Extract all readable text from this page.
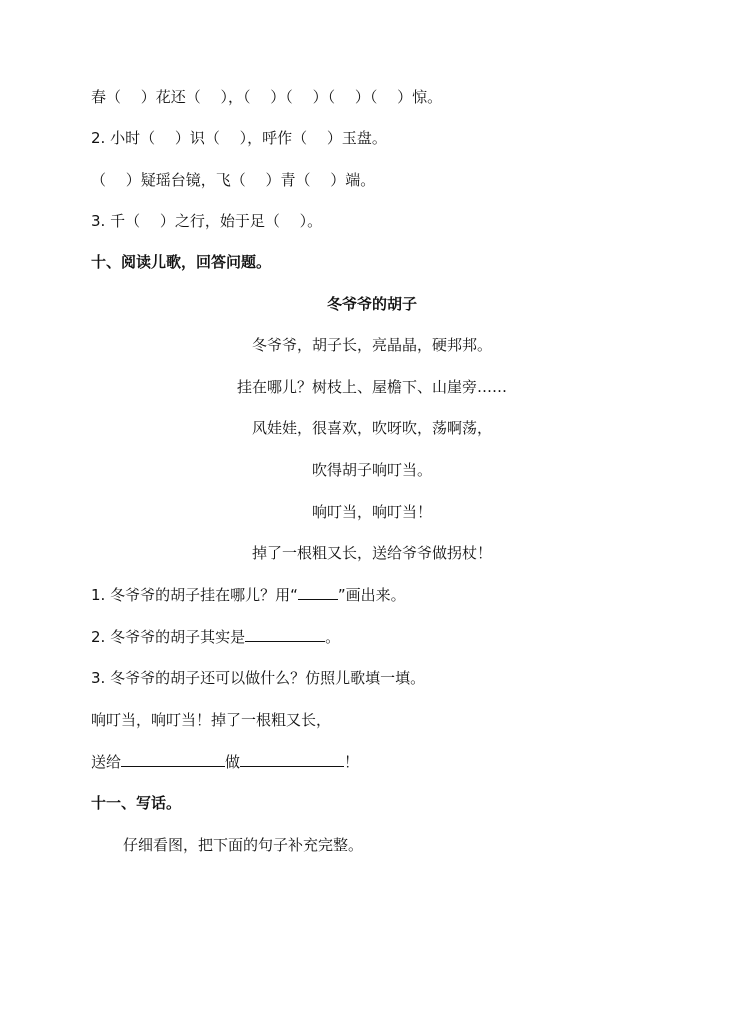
春（　 ）花还（　 ），（　 ）（　 ）（　 ）（　 ）惊。
2. 小时（　 ）识（　 ），呼作（　 ）玉盘。
（　 ）疑瑶台镜，飞（　 ）青（　 ）端。
3. 千（　 ）之行，始于足（　 ）。
十、阅读儿歌，回答问题。
冬爷爷的胡子
冬爷爷，胡子长，亮晶晶，硬邦邦。
挂在哪儿？树枝上、屋檐下、山崖旁……
风娃娃，很喜欢，吹呀吹，荡啊荡，
吹得胡子响叮当。
响叮当，响叮当！
掉了一根粗又长，送给爷爷做拐杖！
1. 冬爷爷的胡子挂在哪儿？用“	”画出来。
2. 冬爷爷的胡子其实是	。
3. 冬爷爷的胡子还可以做什么？仿照儿歌填一填。
响叮当，响叮当！掉了一根粗又长，
送给	做	！
十一、写话。
仔细看图，把下面的句子补充完整。
